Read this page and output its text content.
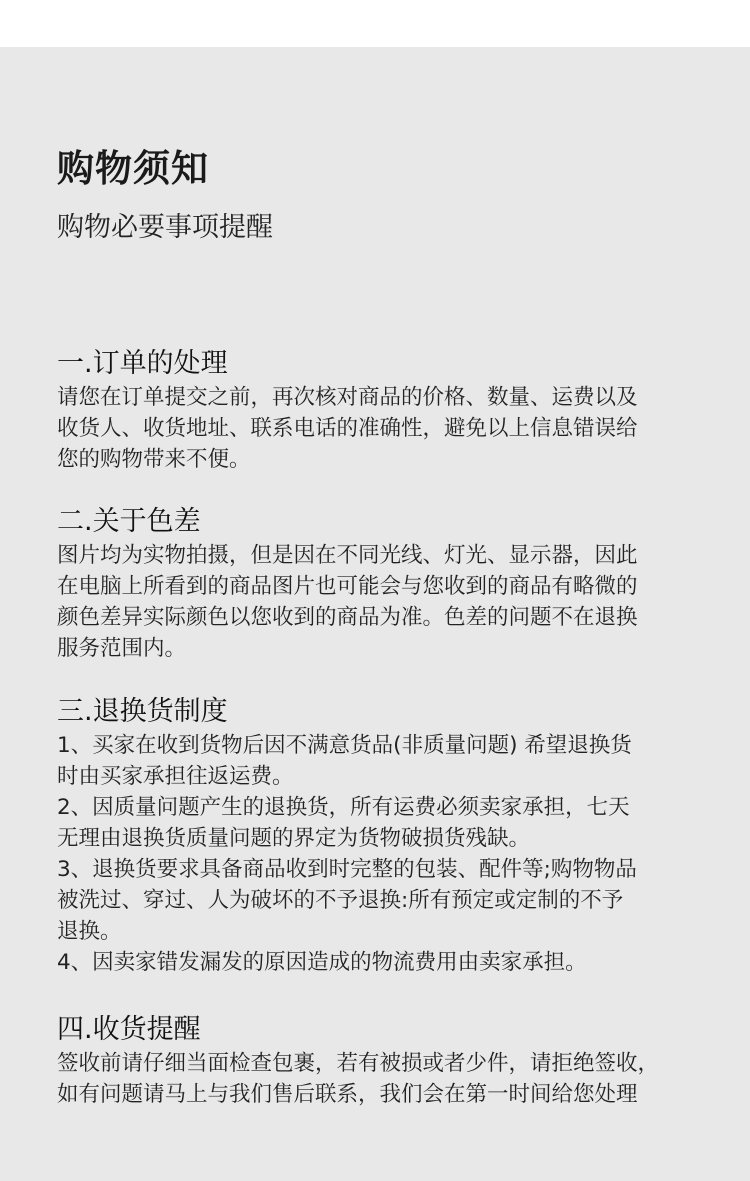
购物须知
购物必要事项提醒
一.订单的处理
请您在订单提交之前，再次核对商品的价格、数量、运费以及
收货人、收货地址、联系电话的准确性，避免以上信息错误给
您的购物带来不便。
二.关于色差
图片均为实物拍摄，但是因在不同光线、灯光、显示器，因此
在电脑上所看到的商品图片也可能会与您收到的商品有略微的
颜色差异实际颜色以您收到的商品为准。色差的问题不在退换
服务范围内。
三.退换货制度
1、买家在收到货物后因不满意货品(非质量问题) 希望退换货
时由买家承担往返运费。
2、因质量问题产生的退换货，所有运费必须卖家承担，七天
无理由退换货质量问题的界定为货物破损货残缺。
3、退换货要求具备商品收到时完整的包装、配件等;购物物品
被洗过、穿过、人为破坏的不予退换:所有预定或定制的不予
退换。
4、因卖家错发漏发的原因造成的物流费用由卖家承担。
四.收货提醒
签收前请仔细当面检查包裹，若有被损或者少件，请拒绝签收，
如有问题请马上与我们售后联系，我们会在第一时间给您处理
